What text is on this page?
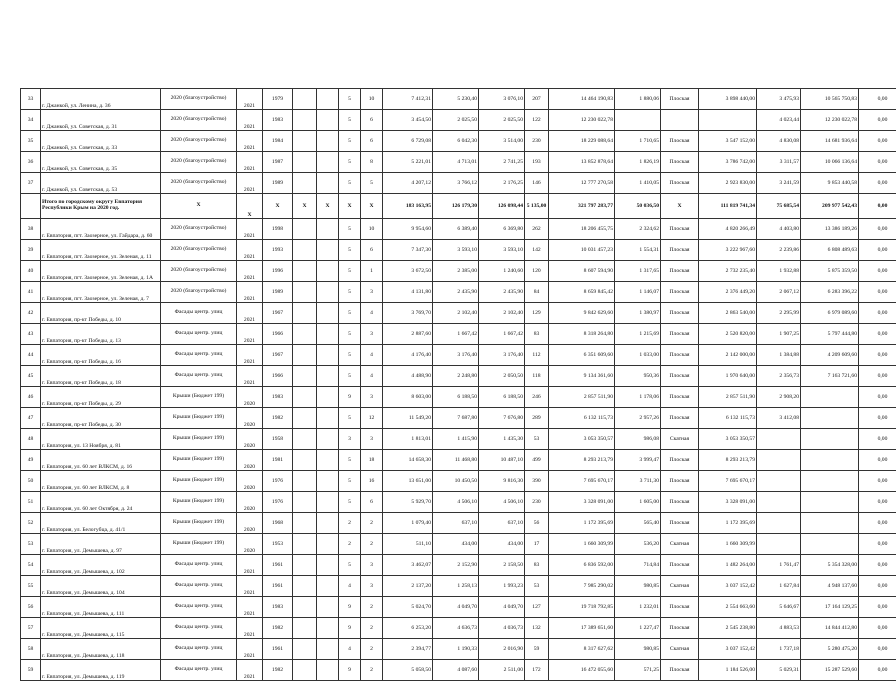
33	г. Джанкой, ул. Ленина, д. 36	2020 (благоустройство)	2021	1979			5	10	7 412,31	5 230,40	3 076,10	207	14 464 190,83	1 880,06	Плоская	3 898 440,00	3 475,93	10 565 750,83	0,00
34	г. Джанкой, ул. Советская, д. 31	2020 (благоустройство)	2021	1983			5	6	3 454,50	2 025,50	2 025,50	122	12 230 022,78				4 023,44	12 230 022,78	0,00
35	г. Джанкой, ул. Советская, д. 33	2020 (благоустройство)	2021	1984			5	6	6 729,08	6 042,30	3 514,00	230	18 229 088,64	1 710,65	Плоская	3 547 152,00	4 830,08	14 681 936,64	0,00
36	г. Джанкой, ул. Советская, д. 35	2020 (благоустройство)	2021	1987			5	8	5 221,01	4 713,01	2 741,25	193	13 852 878,64	1 826,19	Плоская	3 786 742,00	3 311,57	10 066 136,64	0,00
37	г. Джанкой, ул. Советская, д. 53	2020 (благоустройство)	2021	1989			5	5	4 207,12	3 766,12	2 176,25	146	12 777 270,58	1 410,05	Плоская	2 923 830,00	3 241,59	9 853 440,58	0,00
	Итого по городскому округу Евпатория Республики Крым на 2020 год.	X	X	X	X	X	X	X	183 163,95	126 179,30	126 098,44	5 135,00	321 797 283,77	50 036,50	X	111 819 741,34	75 685,54	209 977 542,43	0,00
38	г. Евпатория, пгт. Заозерное, ул. Гайдара, д. 60	2020 (благоустройство)	2021	1998			5	10	9 954,60	6 389,40	6 369,80	262	18 206 455,75	2 324,62	Плоская	4 820 266,49	4 403,80	13 386 189,26	0,00
39	г. Евпатория, пгт. Заозерное, ул. Зеленая, д. 11	2020 (благоустройство)	2021	1993			5	6	7 347,30	3 593,10	3 593,10	142	10 031 457,23	1 554,31	Плоская	3 222 967,60	2 239,86	6 808 489,63	0,00
40	г. Евпатория, пгт. Заозерное, ул. Зеленая, д. 1А	2020 (благоустройство)	2021	1996			5	1	3 672,50	2 385,00	1 240,60	120	8 607 594,90	1 317,65	Плоская	2 732 235,40	1 932,88	5 875 359,50	0,00
41	г. Евпатория, пгт. Заозерное, ул. Зеленая, д. 7	2020 (благоустройство)	2021	1989			5	3	4 131,80	2 435,90	2 435,90	84	8 659 845,42	1 146,07	Плоская	2 376 449,20	2 067,12	6 283 396,22	0,00
42	г. Евпатория, пр-кт Победы, д. 10	Фасады центр. улиц	2021	1967			5	4	3 769,70	2 102,40	2 102,40	129	9 842 629,60	1 380,97	Плоская	2 863 540,00	2 295,99	6 979 089,60	0,00
43	г. Евпатория, пр-кт Победы, д. 13	Фасады центр. улиц	2021	1966			5	3	2 887,60	1 667,42	1 667,42	83	8 318 264,80	1 215,69	Плоская	2 520 820,00	1 907,25	5 797 444,80	0,00
44	г. Евпатория, пр-кт Победы, д. 16	Фасады центр. улиц	2021	1967			5	4	4 176,40	3 176,40	3 176,40	112	6 351 609,60	1 033,00	Плоская	2 142 000,00	1 384,88	4 209 609,60	0,00
45	г. Евпатория, пр-кт Победы, д. 18	Фасады центр. улиц	2021	1966			5	4	4 488,90	2 248,80	2 050,50	118	9 134 361,60	950,36	Плоская	1 970 640,00	2 356,73	7 163 721,60	0,00
46	г. Евпатория, пр-кт Победы, д. 29	Крыши (Бюджет 199)	2020	1983			9	3	8 603,00	6 188,50	6 188,50	246	2 857 511,90	1 178,06	Плоская	2 857 511,90	2 908,20		0,00
47	г. Евпатория, пр-кт Победы, д. 30	Крыши (Бюджет 199)	2020	1982			5	12	11 549,20	7 687,80	7 676,80	289	6 132 115,73	2 957,26	Плоская	6 132 115,73	3 412,08		0,00
48	г. Евпатория, ул. 13 Ноября, д. 81	Крыши (Бюджет 199)	2020	1958			3	3	1 813,01	1 415,90	1 435,30	53	3 053 350,57	986,08	Скатная	3 053 350,57			0,00
49	г. Евпатория, ул. 60 лет ВЛКСМ, д. 16	Крыши (Бюджет 199)	2020	1981			5	18	14 658,30	11 468,80	10 487,10	499	8 293 213,79	3 999,47	Плоская	8 293 213,79			0,00
50	г. Евпатория, ул. 60 лет ВЛКСМ, д. 8	Крыши (Бюджет 199)	2020	1976			5	16	13 651,00	10 450,50	9 816,30	390	7 695 670,17	3 711,30	Плоская	7 695 670,17			0,00
51	г. Евпатория, ул. 60 лет Октября, д. 24	Крыши (Бюджет 199)	2020	1976			5	6	5 929,70	4 506,10	4 506,10	230	3 328 091,00	1 605,00	Плоская	3 328 091,00			0,00
52	г. Евпатория, ул. Белогубца, д. 41/1	Крыши (Бюджет 199)	2020	1968			2	2	1 079,40	637,10	637,10	56	1 172 395,69	565,40	Плоская	1 172 395,69			0,00
53	г. Евпатория, ул. Демышева, д. 97	Крыши (Бюджет 199)	2020	1953			2	2	511,10	434,00	434,00	17	1 660 309,99	536,20	Скатная	1 660 309,99			0,00
54	г. Евпатория, ул. Демышева, д. 102	Фасады центр. улиц	2021	1961			5	3	3 462,07	2 152,90	2 158,50	83	6 836 592,00	714,84	Плоская	1 482 264,00	1 761,47	5 354 328,00	0,00
55	г. Евпатория, ул. Демышева, д. 104	Фасады центр. улиц	2021	1961			4	3	2 137,20	1 258,13	1 993,23	53	7 985 290,02	980,85	Скатная	3 037 152,42	1 627,84	4 948 137,60	0,00
56	г. Евпатория, ул. Демышева, д. 111	Фасады центр. улиц	2021	1983			9	2	5 024,70	4 049,70	4 049,70	127	19 718 792,85	1 232,01	Плоская	2 554 663,60	5 646,67	17 164 129,25	0,00
57	г. Евпатория, ул. Демышева, д. 115	Фасады центр. улиц	2021	1982			9	2	6 253,20	4 636,73	4 036,73	132	17 389 651,60	1 227,47	Плоская	2 545 238,80	4 883,53	14 844 412,80	0,00
58	г. Евпатория, ул. Демышева, д. 118	Фасады центр. улиц	2021	1961			4	2	2 394,77	1 190,33	2 016,90	59	8 317 627,62	980,85	Скатная	3 037 152,42	1 737,18	5 280 475,20	0,00
59	г. Евпатория, ул. Демышева, д. 119	Фасады центр. улиц	2021	1982			9	2	5 058,50	4 087,60	2 511,00	172	16 472 055,60	571,25	Плоская	1 184 526,00	5 029,31	15 287 529,60	0,00
